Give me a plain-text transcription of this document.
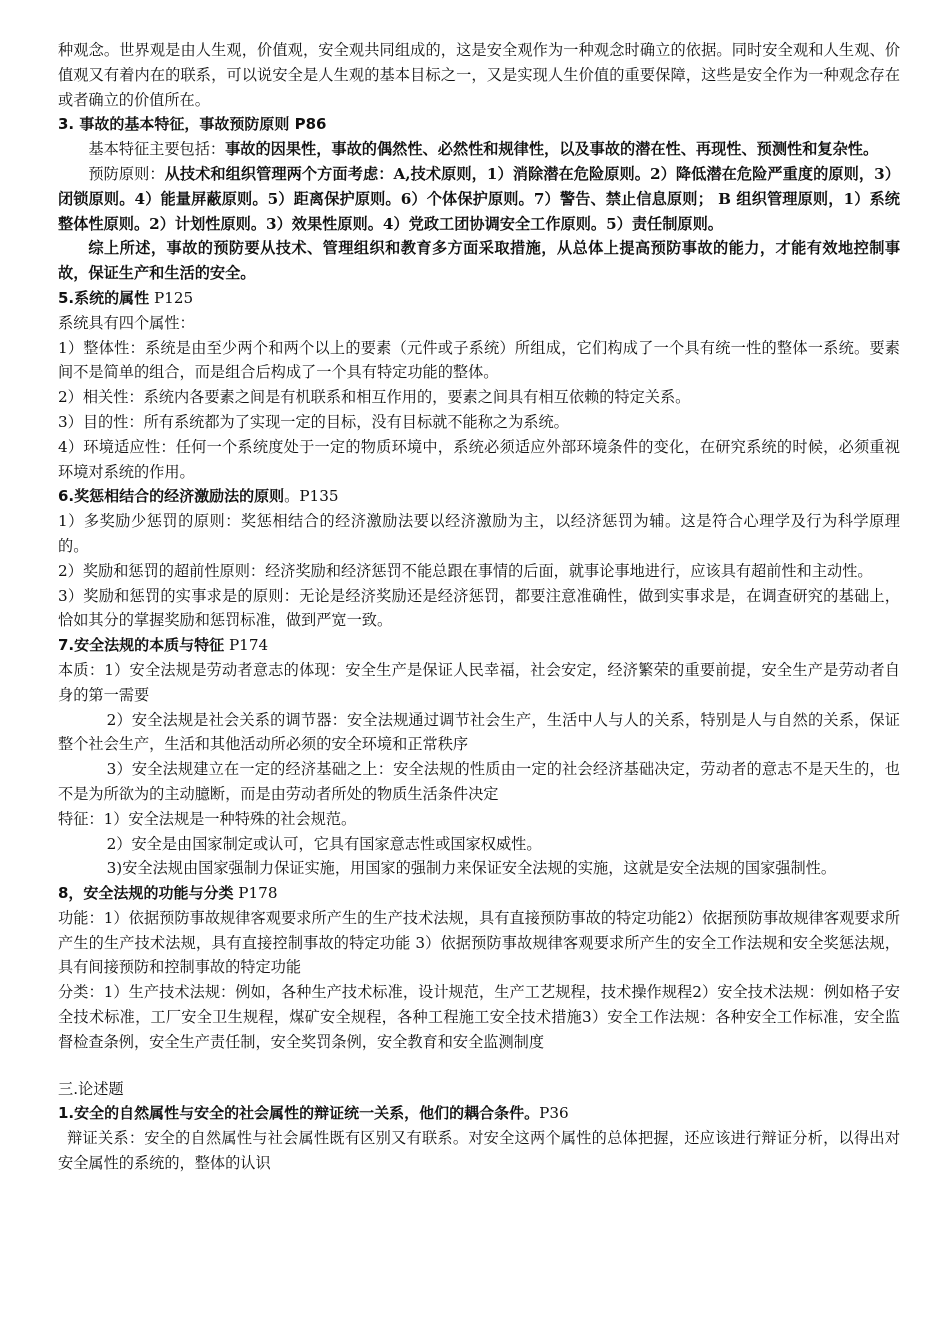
种观念。世界观是由人生观，价值观，安全观共同组成的，这是安全观作为一种观念时确立的依据。同时安全观和人生观、价值观又有着内在的联系，可以说安全是人生观的基本目标之一，又是实现人生价值的重要保障，这些是安全作为一种观念存在或者确立的价值所在。

3. 事故的基本特征，事故预防原则 P86

基本特征主要包括：事故的因果性，事故的偶然性、必然性和规律性，以及事故的潜在性、再现性、预测性和复杂性。

预防原则：从技术和组织管理两个方面考虑：A,技术原则，1）消除潜在危险原则。2）降低潜在危险严重度的原则，3）闭锁原则。4）能量屏蔽原则。5）距离保护原则。6）个体保护原则。7）警告、禁止信息原则； B 组织管理原则，1）系统整体性原则。2）计划性原则。3）效果性原则。4）党政工团协调安全工作原则。5）责任制原则。

综上所述，事故的预防要从技术、管理组织和教育多方面采取措施，从总体上提高预防事故的能力，才能有效地控制事故，保证生产和生活的安全。

5.系统的属性 P125

系统具有四个属性：

1）整体性：系统是由至少两个和两个以上的要素（元件或子系统）所组成，它们构成了一个具有统一性的整体一系统。要素间不是简单的组合，而是组合后构成了一个具有特定功能的整体。

2）相关性：系统内各要素之间是有机联系和相互作用的，要素之间具有相互依赖的特定关系。

3）目的性：所有系统都为了实现一定的目标，没有目标就不能称之为系统。

4）环境适应性：任何一个系统度处于一定的物质环境中，系统必须适应外部环境条件的变化，在研究系统的时候，必须重视环境对系统的作用。

6.奖惩相结合的经济激励法的原则。P135

1）多奖励少惩罚的原则：奖惩相结合的经济激励法要以经济激励为主，以经济惩罚为辅。这是符合心理学及行为科学原理的。

2）奖励和惩罚的超前性原则：经济奖励和经济惩罚不能总跟在事情的后面，就事论事地进行，应该具有超前性和主动性。

3）奖励和惩罚的实事求是的原则：无论是经济奖励还是经济惩罚，都要注意准确性，做到实事求是，在调查研究的基础上，恰如其分的掌握奖励和惩罚标准，做到严宽一致。

7.安全法规的本质与特征 P174

本质：1）安全法规是劳动者意志的体现：安全生产是保证人民幸福，社会安定，经济繁荣的重要前提，安全生产是劳动者自身的第一需要

2）安全法规是社会关系的调节器：安全法规通过调节社会生产，生活中人与人的关系，特别是人与自然的关系，保证整个社会生产，生活和其他活动所必须的安全环境和正常秩序

3）安全法规建立在一定的经济基础之上：安全法规的性质由一定的社会经济基础决定，劳动者的意志不是天生的，也不是为所欲为的主动臆断，而是由劳动者所处的物质生活条件决定

特征：1）安全法规是一种特殊的社会规范。

2）安全是由国家制定或认可，它具有国家意志性或国家权威性。

3)安全法规由国家强制力保证实施，用国家的强制力来保证安全法规的实施，这就是安全法规的国家强制性。

8，安全法规的功能与分类 P178

功能：1）依据预防事故规律客观要求所产生的生产技术法规，具有直接预防事故的特定功能2）依据预防事故规律客观要求所产生的生产技术法规，具有直接控制事故的特定功能 3）依据预防事故规律客观要求所产生的安全工作法规和安全奖惩法规，具有间接预防和控制事故的特定功能

分类：1）生产技术法规：例如，各种生产技术标准，设计规范，生产工艺规程，技术操作规程2）安全技术法规：例如格子安全技术标准，工厂安全卫生规程，煤矿安全规程，各种工程施工安全技术措施3）安全工作法规：各种安全工作标准，安全监督检查条例，安全生产责任制，安全奖罚条例，安全教育和安全监测制度

三.论述题

1.安全的自然属性与安全的社会属性的辩证统一关系，他们的耦合条件。P36

辩证关系：安全的自然属性与社会属性既有区别又有联系。对安全这两个属性的总体把握，还应该进行辩证分析，以得出对安全属性的系统的，整体的认识
